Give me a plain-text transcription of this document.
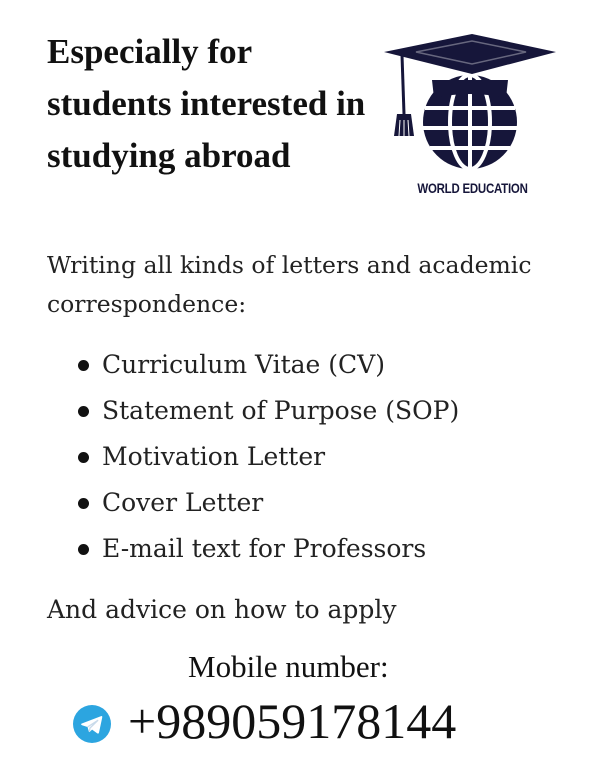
Especially for students interested in studying abroad
WORLD EDUCATION

Writing all kinds of letters and academic correspondence:

Curriculum Vitae (CV)
Statement of Purpose (SOP)
Motivation Letter
Cover Letter
E-mail text for Professors

And advice on how to apply

Mobile number:

+989059178144
